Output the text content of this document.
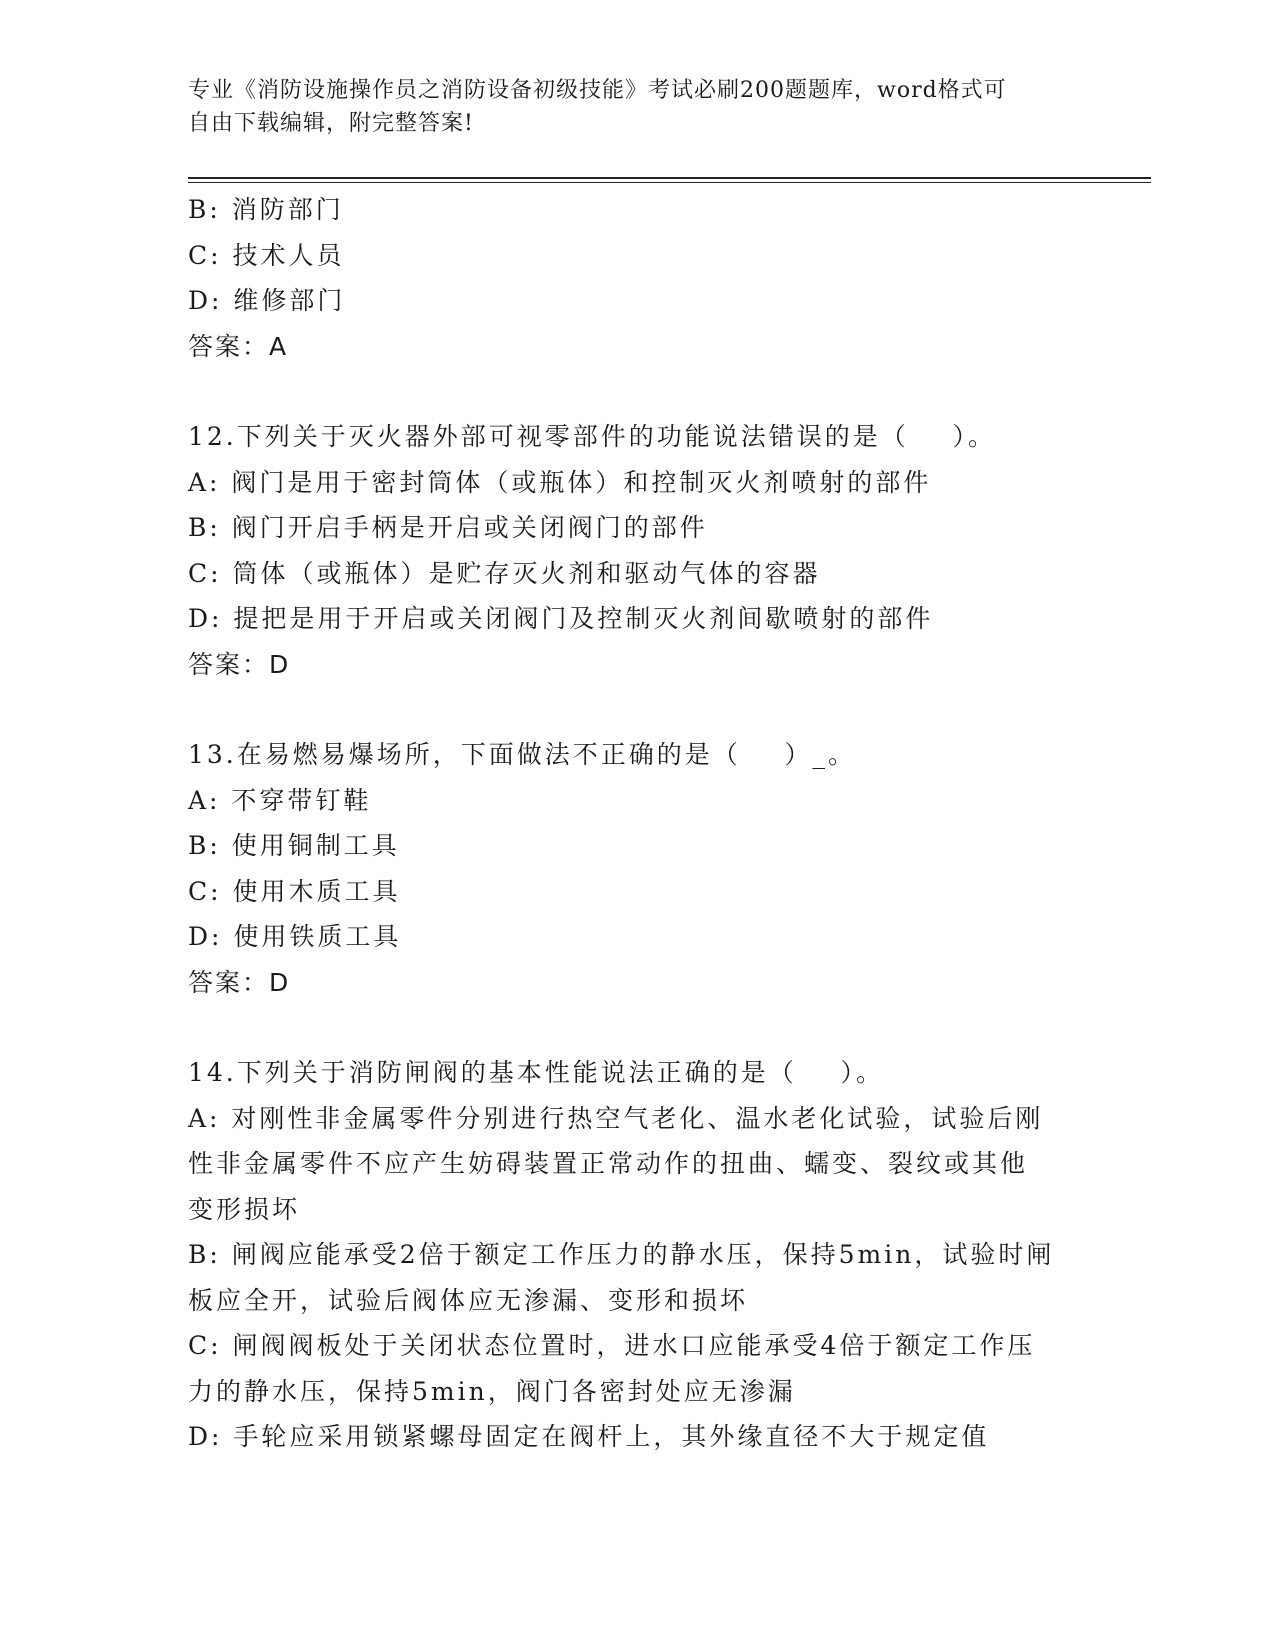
专业《消防设施操作员之消防设备初级技能》考试必刷200题题库，word格式可
自由下载编辑，附完整答案!
B: 消防部门
C: 技术人员
D: 维修部门
答案：A
12.下列关于灭火器外部可视零部件的功能说法错误的是（    ）。
A: 阀门是用于密封筒体（或瓶体）和控制灭火剂喷射的部件
B: 阀门开启手柄是开启或关闭阀门的部件
C: 筒体（或瓶体）是贮存灭火剂和驱动气体的容器
D: 提把是用于开启或关闭阀门及控制灭火剂间歇喷射的部件
答案：D
13.在易燃易爆场所，下面做法不正确的是（    ）_。
A: 不穿带钉鞋
B: 使用铜制工具
C: 使用木质工具
D: 使用铁质工具
答案：D
14.下列关于消防闸阀的基本性能说法正确的是（    ）。
A: 对刚性非金属零件分别进行热空气老化、温水老化试验，试验后刚
性非金属零件不应产生妨碍装置正常动作的扭曲、蠕变、裂纹或其他
变形损坏
B: 闸阀应能承受2倍于额定工作压力的静水压，保持5min，试验时闸
板应全开，试验后阀体应无渗漏、变形和损坏
C: 闸阀阀板处于关闭状态位置时，进水口应能承受4倍于额定工作压
力的静水压，保持5min，阀门各密封处应无渗漏
D: 手轮应采用锁紧螺母固定在阀杆上，其外缘直径不大于规定值
